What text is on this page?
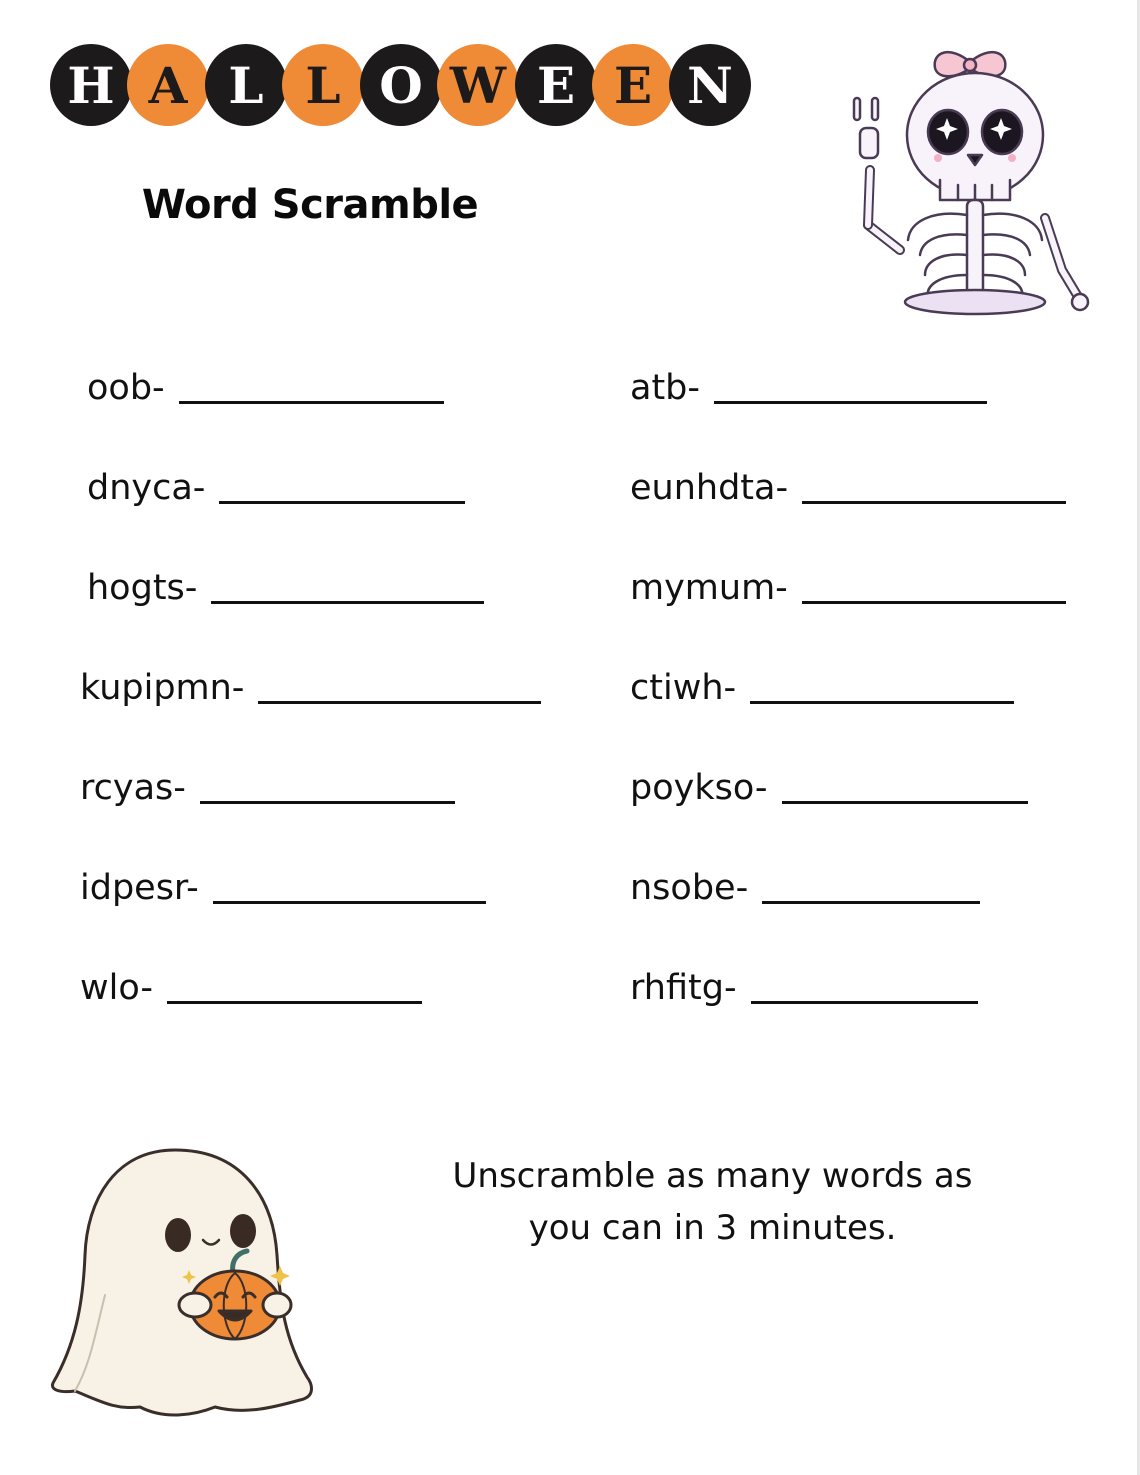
H A L L O W E E N
Word Scramble
oob-
dnyca-
hogts-
kupipmn-
rcyas-
idpesr-
wlo-
atb-
eunhdta-
mymum-
ctiwh-
poykso-
nsobe-
rhfitg-
Unscramble as many words as
you can in 3 minutes.
